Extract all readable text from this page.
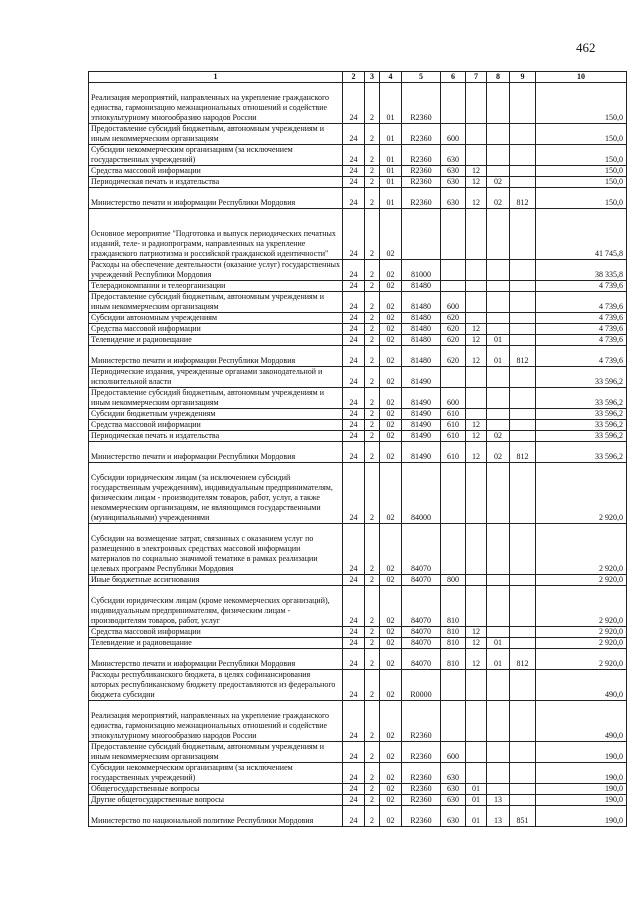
462
1	2	3	4	5	6	7	8	9	10
Реализация мероприятий, направленных на укрепление гражданского единства, гармонизацию межнациональных отношений и содействие этнокультурному многообразию народов России	24	2	01	R2360					150,0
Предоставление субсидий бюджетным, автономным учреждениям и иным некоммерческим организациям	24	2	01	R2360	600				150,0
Субсидии некоммерческим организациям (за исключением государственных учреждений)	24	2	01	R2360	630				150,0
Средства массовой информации	24	2	01	R2360	630	12			150,0
Периодическая печать и издательства	24	2	01	R2360	630	12	02		150,0
Министерство печати и информации Республики Мордовия	24	2	01	R2360	630	12	02	812	150,0
Основное мероприятие "Подготовка и выпуск периодических печатных изданий, теле- и радиопрограмм, направленных на укрепление гражданского патриотизма и российской гражданской идентичности"	24	2	02						41 745,8
Расходы на обеспечение деятельности (оказание услуг) государственных учреждений Республики Мордовия	24	2	02	81000					38 335,8
Телерадиокомпании и телеорганизации	24	2	02	81480					4 739,6
Предоставление субсидий бюджетным, автономным учреждениям и иным некоммерческим организациям	24	2	02	81480	600				4 739,6
Субсидии автономным учреждениям	24	2	02	81480	620				4 739,6
Средства массовой информации	24	2	02	81480	620	12			4 739,6
Телевидение и радиовещание	24	2	02	81480	620	12	01		4 739,6
Министерство печати и информации Республики Мордовия	24	2	02	81480	620	12	01	812	4 739,6
Периодические издания, учрежденные органами законодательной и исполнительной власти	24	2	02	81490					33 596,2
Предоставление субсидий бюджетным, автономным учреждениям и иным некоммерческим организациям	24	2	02	81490	600				33 596,2
Субсидии бюджетным учреждениям	24	2	02	81490	610				33 596,2
Средства массовой информации	24	2	02	81490	610	12			33 596,2
Периодическая печать и издательства	24	2	02	81490	610	12	02		33 596,2
Министерство печати и информации Республики Мордовия	24	2	02	81490	610	12	02	812	33 596,2
Субсидии юридическим лицам (за исключением субсидий государственным учреждениям), индивидуальным предпринимателям, физическим лицам - производителям товаров, работ, услуг, а также некоммерческим организациям, не являющимся государственными (муниципальными) учреждениями	24	2	02	84000					2 920,0
Субсидии на возмещение затрат, связанных с оказанием услуг по размещению в электронных средствах массовой информации материалов по социально значимой тематике в рамках реализации целевых программ Республики Мордовия	24	2	02	84070					2 920,0
Иные бюджетные ассигнования	24	2	02	84070	800				2 920,0
Субсидии юридическим лицам (кроме некоммерческих организаций), индивидуальным предпринимателям, физическим лицам - производителям товаров, работ, услуг	24	2	02	84070	810				2 920,0
Средства массовой информации	24	2	02	84070	810	12			2 920,0
Телевидение и радиовещание	24	2	02	84070	810	12	01		2 920,0
Министерство печати и информации Республики Мордовия	24	2	02	84070	810	12	01	812	2 920,0
Расходы республиканского бюджета, в целях софинансирования которых республиканскому бюджету предоставляются из федерального бюджета субсидии	24	2	02	R0000					490,0
Реализация мероприятий, направленных на укрепление гражданского единства, гармонизацию межнациональных отношений и содействие этнокультурному многообразию народов России	24	2	02	R2360					490,0
Предоставление субсидий бюджетным, автономным учреждениям и иным некоммерческим организациям	24	2	02	R2360	600				190,0
Субсидии некоммерческим организациям (за исключением государственных учреждений)	24	2	02	R2360	630				190,0
Общегосударственные вопросы	24	2	02	R2360	630	01			190,0
Другие общегосударственные вопросы	24	2	02	R2360	630	01	13		190,0
Министерство по национальной политике Республики Мордовия	24	2	02	R2360	630	01	13	851	190,0
